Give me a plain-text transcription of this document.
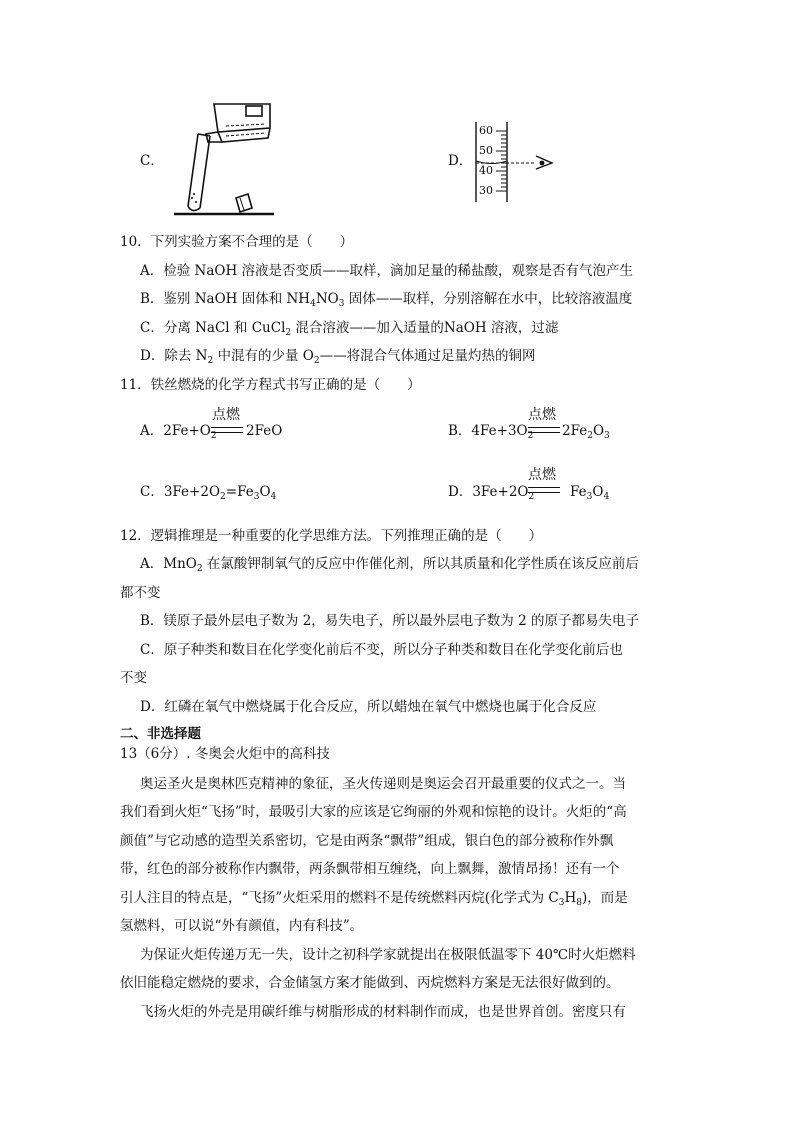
C．	D．
60
50
40
30
10．下列实验方案不合理的是（　　）
A．检验 NaOH 溶液是否变质——取样，滴加足量的稀盐酸，观察是否有气泡产生
B．鉴别 NaOH 固体和 $NH_4NO_3$ 固体——取样，分别溶解在水中，比较溶液温度
C．分离 NaCl 和 CuCl$_2$ 混合溶液——加入适量的NaOH 溶液，过滤
D．除去 $N_2$ 中混有的少量 $O_2——$将混合气体通过足量灼热的铜网
11．铁丝燃烧的化学方程式书写正确的是（　　）
A．$2Fe+O_2$
点燃
2FeO	B．$4Fe+3O_2$
点燃
$2Fe_2O_3$
C．$3Fe+2O_2=Fe_3O_4$	D．$3Fe+2O_2$
点燃
$Fe_3O_4$
12．逻辑推理是一种重要的化学思维方法。下列推理正确的是（　　）
A．MnO$_2$ 在氯酸钾制氧气的反应中作催化剂，所以其质量和化学性质在该反应前后
都不变
B．镁原子最外层电子数为 2，易失电子，所以最外层电子数为 2 的原子都易失电子
C．原子种类和数目在化学变化前后不变，所以分子种类和数目在化学变化前后也
不变
D．红磷在氧气中燃烧属于化合反应，所以蜡烛在氧气中燃烧也属于化合反应
二、非选择题
13（6分）. 冬奥会火炬中的高科技
奥运圣火是奥林匹克精神的象征，圣火传递则是奥运会召开最重要的仪式之一。当
我们看到火炬“飞扬”时，最吸引大家的应该是它绚丽的外观和惊艳的设计。火炬的“高
颜值”与它动感的造型关系密切，它是由两条“飘带”组成，银白色的部分被称作外飘
带，红色的部分被称作内飘带，两条飘带相互缠绕，向上飘舞，激情昂扬！还有一个
引人注目的特点是，“飞扬”火炬采用的燃料不是传统燃料丙烷(化学式为 $C_3H_8$)，而是
氢燃料，可以说“外有颜值，内有科技”。
为保证火炬传递万无一失，设计之初科学家就提出在极限低温零下 40℃时火炬燃料
依旧能稳定燃烧的要求，合金储氢方案才能做到、丙烷燃料方案是无法很好做到的。
飞扬火炬的外壳是用碳纤维与树脂形成的材料制作而成，也是世界首创。密度只有
